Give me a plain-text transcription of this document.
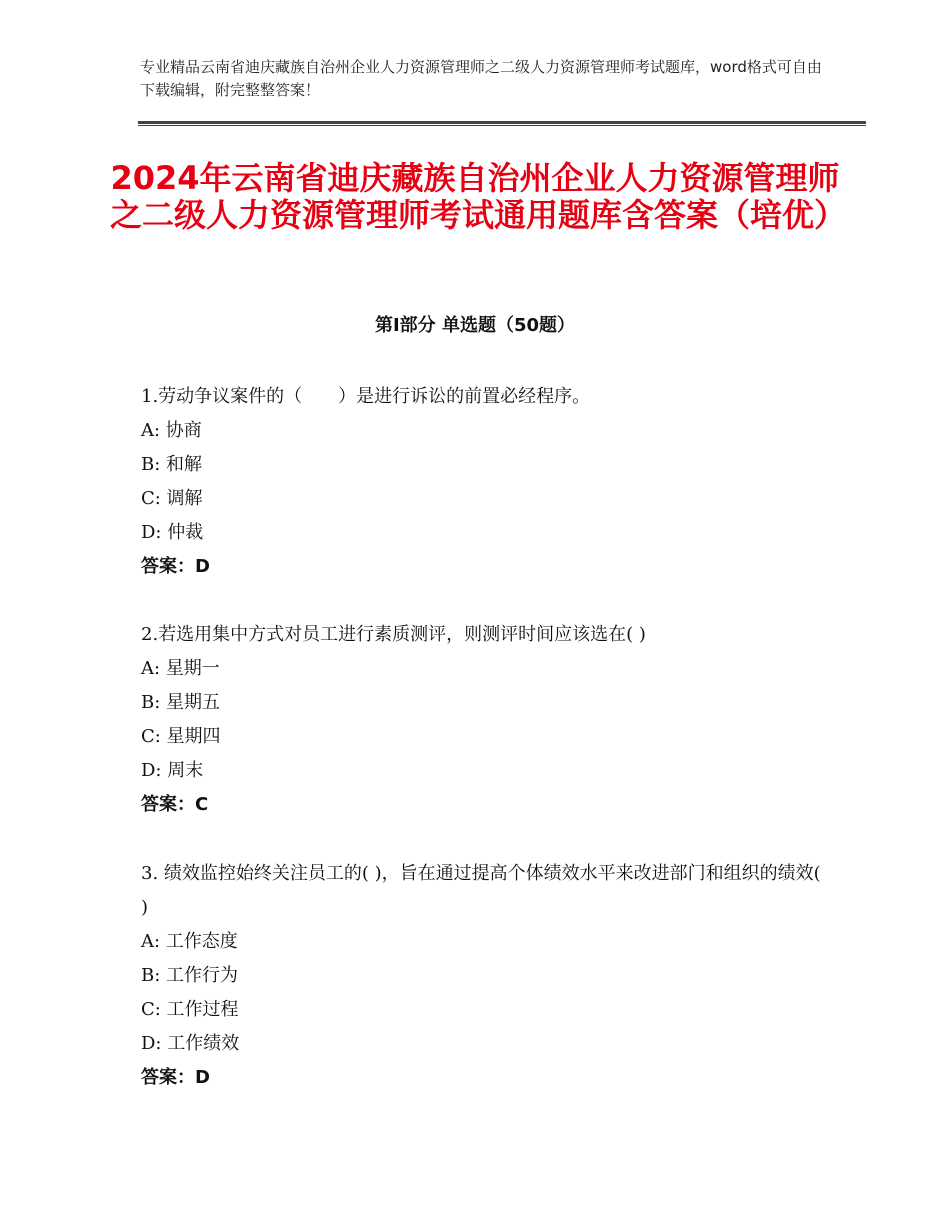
专业精品云南省迪庆藏族自治州企业人力资源管理师之二级人力资源管理师考试题库，word格式可自由下载编辑，附完整整答案！
2024年云南省迪庆藏族自治州企业人力资源管理师之二级人力资源管理师考试通用题库含答案（培优）
第Ⅰ部分 单选题（50题）
1.劳动争议案件的（　　）是进行诉讼的前置必经程序。
A: 协商
B: 和解
C: 调解
D: 仲裁
答案：D
2.若选用集中方式对员工进行素质测评，则测评时间应该选在( )
A: 星期一
B: 星期五
C: 星期四
D: 周末
答案：C
3. 绩效监控始终关注员工的( )，旨在通过提高个体绩效水平来改进部门和组织的绩效( )
A: 工作态度
B: 工作行为
C: 工作过程
D: 工作绩效
答案：D
